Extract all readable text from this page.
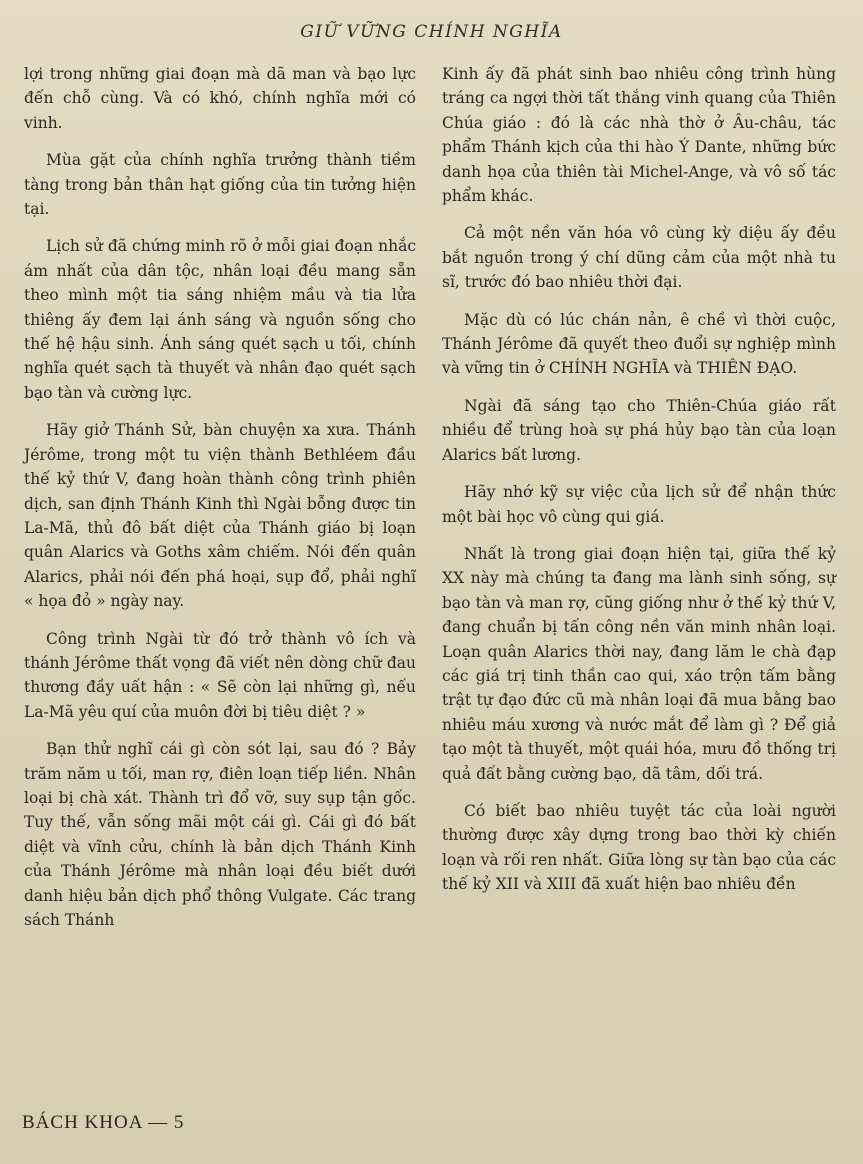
GIỮ VỮNG CHÍNH NGHĨA

lợi trong những giai đoạn mà dã man và bạo lực đến chỗ cùng. Và có khó, chính nghĩa mới có vinh.

Mùa gặt của chính nghĩa trưởng thành tiềm tàng trong bản thân hạt giống của tin tưởng hiện tại.

Lịch sử đã chứng minh rõ ở mỗi giai đoạn nhắc ám nhất của dân tộc, nhân loại đều mang sẵn theo mình một tia sáng nhiệm mầu và tia lửa thiêng ấy đem lại ánh sáng và nguồn sống cho thế hệ hậu sinh. Ánh sáng quét sạch u tối, chính nghĩa quét sạch tà thuyết và nhân đạo quét sạch bạo tàn và cường lực.

Hãy giở Thánh Sử, bàn chuyện xa xưa. Thánh Jérôme, trong một tu viện thành Bethléem đầu thế kỷ thứ V, đang hoàn thành công trình phiên dịch, san định Thánh Kinh thì Ngài bỗng được tin La-Mã, thủ đô bất diệt của Thánh giáo bị loạn quân Alarics và Goths xâm chiếm. Nói đến quân Alarics, phải nói đến phá hoại, sụp đổ, phải nghĩ « họa đỏ » ngày nay.

Công trình Ngài từ đó trở thành vô ích và thánh Jérôme thất vọng đã viết nên dòng chữ đau thương đầy uất hận : « Sẽ còn lại những gì, nếu La-Mã yêu quí của muôn đời bị tiêu diệt ? »

Bạn thử nghĩ cái gì còn sót lại, sau đó ? Bảy trăm năm u tối, man rợ, điên loạn tiếp liền. Nhân loại bị chà xát. Thành trì đổ vỡ, suy sụp tận gốc. Tuy thế, vẫn sống mãi một cái gì. Cái gì đó bất diệt và vĩnh cửu, chính là bản dịch Thánh Kinh của Thánh Jérôme mà nhân loại đều biết dưới danh hiệu bản dịch phổ thông Vulgate. Các trang sách Thánh

Kinh ấy đã phát sinh bao nhiêu công trình hùng tráng ca ngợi thời tất thắng vinh quang của Thiên Chúa giáo : đó là các nhà thờ ở Âu-châu, tác phẩm Thánh kịch của thi hào Ý Dante, những bức danh họa của thiên tài Michel-Ange, và vô số tác phẩm khác.

Cả một nền văn hóa vô cùng kỳ diệu ấy đều bắt nguồn trong ý chí dũng cảm của một nhà tu sĩ, trước đó bao nhiêu thời đại.

Mặc dù có lúc chán nản, ê chề vì thời cuộc, Thánh Jérôme đã quyết theo đuổi sự nghiệp mình và vững tin ở CHÍNH NGHĨA và THIÊN ĐẠO.

Ngài đã sáng tạo cho Thiên-Chúa giáo rất nhiều để trùng hoà sự phá hủy bạo tàn của loạn Alarics bất lương.

Hãy nhớ kỹ sự việc của lịch sử để nhận thức một bài học vô cùng qui giá.

Nhất là trong giai đoạn hiện tại, giữa thế kỷ XX này mà chúng ta đang ma lành sinh sống, sự bạo tàn và man rợ, cũng giống như ở thế kỷ thứ V, đang chuẩn bị tấn công nền văn minh nhân loại. Loạn quân Alarics thời nay, đang lăm le chà đạp các giá trị tinh thần cao qui, xáo trộn tấm bằng trật tự đạo đức cũ mà nhân loại đã mua bằng bao nhiêu máu xương và nước mắt để làm gì ? Để giả tạo một tà thuyết, một quái hóa, mưu đồ thống trị quả đất bằng cường bạo, dã tâm, dối trá.

Có biết bao nhiêu tuyệt tác của loài người thường được xây dựng trong bao thời kỳ chiến loạn và rối ren nhất. Giữa lòng sự tàn bạo của các thế kỷ XII và XIII đã xuất hiện bao nhiêu đền

BÁCH KHOA — 5
